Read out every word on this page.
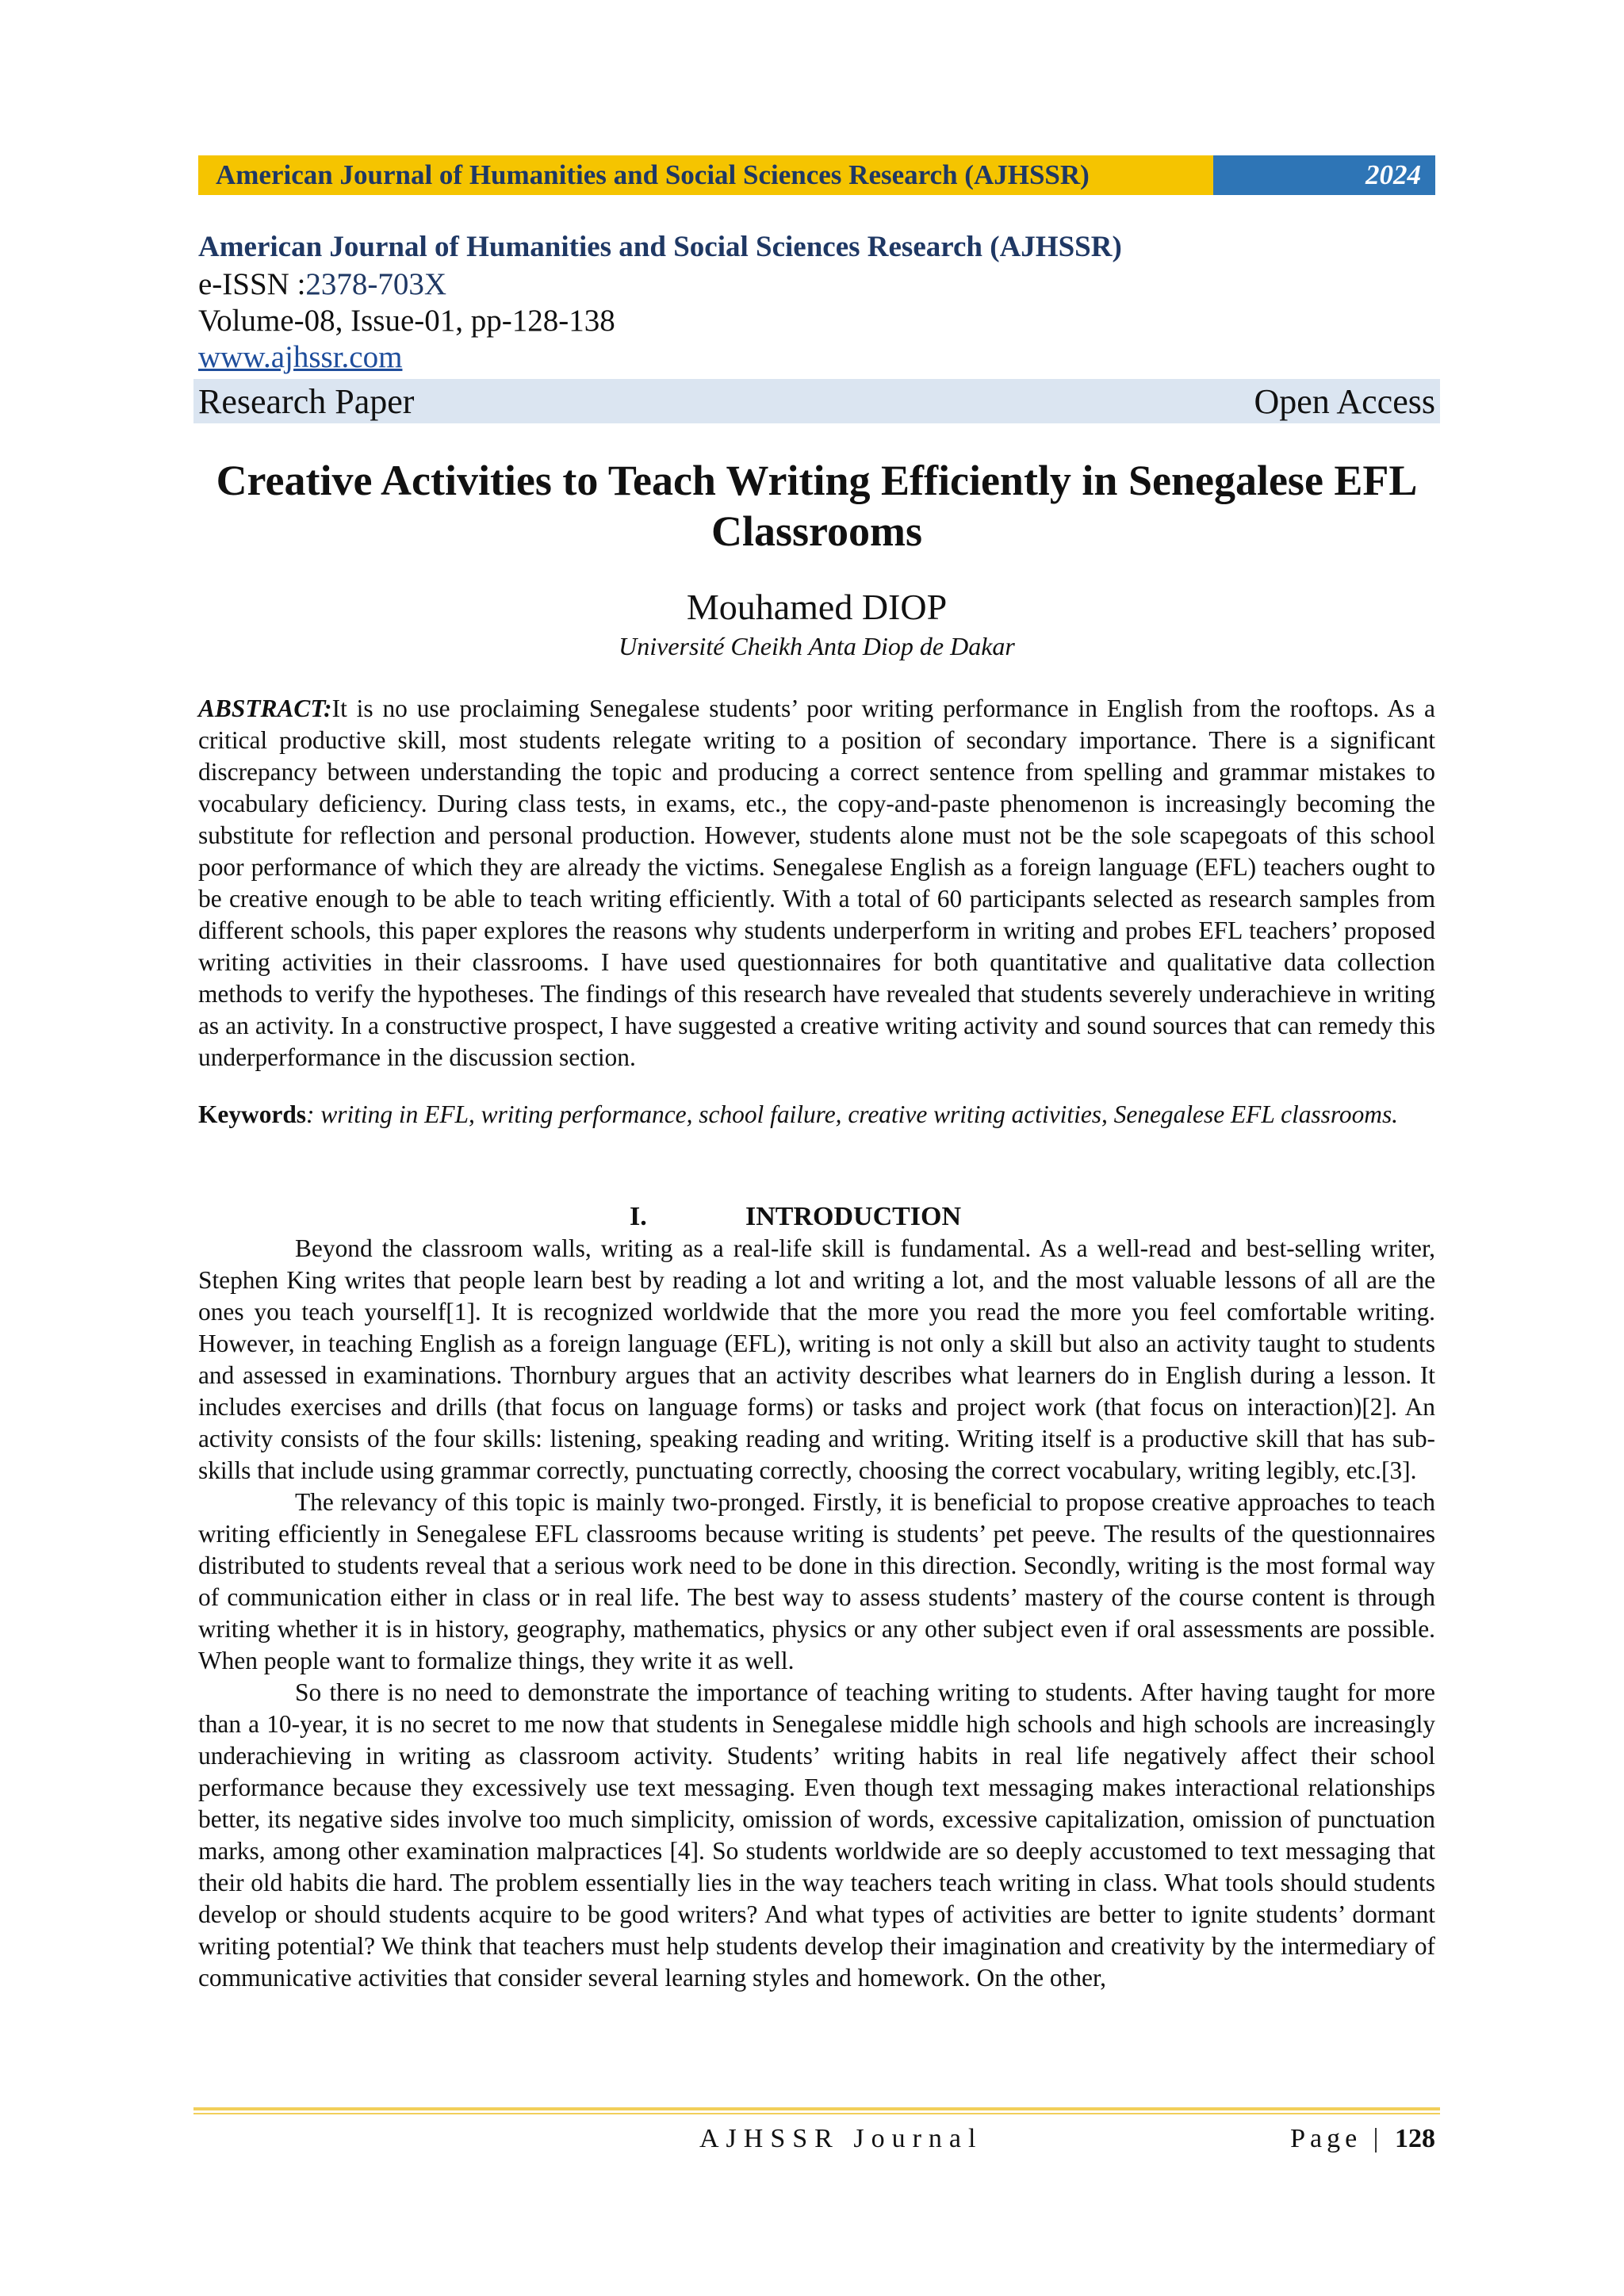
American Journal of Humanities and Social Sciences Research (AJHSSR)	2024
American Journal of Humanities and Social Sciences Research (AJHSSR)
e-ISSN :2378-703X
Volume-08, Issue-01, pp-128-138
www.ajhssr.com
Research Paper	Open Access
Creative Activities to Teach Writing Efficiently in Senegalese EFL Classrooms
Mouhamed DIOP
Université Cheikh Anta Diop de Dakar
ABSTRACT:It is no use proclaiming Senegalese students’ poor writing performance in English from the rooftops. As a critical productive skill, most students relegate writing to a position of secondary importance. There is a significant discrepancy between understanding the topic and producing a correct sentence from spelling and grammar mistakes to vocabulary deficiency. During class tests, in exams, etc., the copy-and-paste phenomenon is increasingly becoming the substitute for reflection and personal production. However, students alone must not be the sole scapegoats of this school poor performance of which they are already the victims. Senegalese English as a foreign language (EFL) teachers ought to be creative enough to be able to teach writing efficiently. With a total of 60 participants selected as research samples from different schools, this paper explores the reasons why students underperform in writing and probes EFL teachers’ proposed writing activities in their classrooms. I have used questionnaires for both quantitative and qualitative data collection methods to verify the hypotheses. The findings of this research have revealed that students severely underachieve in writing as an activity. In a constructive prospect, I have suggested a creative writing activity and sound sources that can remedy this underperformance in the discussion section.
Keywords: writing in EFL, writing performance, school failure, creative writing activities, Senegalese EFL classrooms.
I.	INTRODUCTION

Beyond the classroom walls, writing as a real-life skill is fundamental. As a well-read and best-selling writer, Stephen King writes that people learn best by reading a lot and writing a lot, and the most valuable lessons of all are the ones you teach yourself[1]. It is recognized worldwide that the more you read the more you feel comfortable writing. However, in teaching English as a foreign language (EFL), writing is not only a skill but also an activity taught to students and assessed in examinations. Thornbury argues that an activity describes what learners do in English during a lesson. It includes exercises and drills (that focus on language forms) or tasks and project work (that focus on interaction)[2]. An activity consists of the four skills: listening, speaking reading and writing. Writing itself is a productive skill that has sub-skills that include using grammar correctly, punctuating correctly, choosing the correct vocabulary, writing legibly, etc.[3].

The relevancy of this topic is mainly two-pronged. Firstly, it is beneficial to propose creative approaches to teach writing efficiently in Senegalese EFL classrooms because writing is students’ pet peeve. The results of the questionnaires distributed to students reveal that a serious work need to be done in this direction. Secondly, writing is the most formal way of communication either in class or in real life. The best way to assess students’ mastery of the course content is through writing whether it is in history, geography, mathematics, physics or any other subject even if oral assessments are possible. When people want to formalize things, they write it as well.

So there is no need to demonstrate the importance of teaching writing to students. After having taught for more than a 10-year, it is no secret to me now that students in Senegalese middle high schools and high schools are increasingly underachieving in writing as classroom activity. Students’ writing habits in real life negatively affect their school performance because they excessively use text messaging. Even though text messaging makes interactional relationships better, its negative sides involve too much simplicity, omission of words, excessive capitalization, omission of punctuation marks, among other examination malpractices [4]. So students worldwide are so deeply accustomed to text messaging that their old habits die hard. The problem essentially lies in the way teachers teach writing in class. What tools should students develop or should students acquire to be good writers? And what types of activities are better to ignite students’ dormant writing potential? We think that teachers must help students develop their imagination and creativity by the intermediary of communicative activities that consider several learning styles and homework. On the other,

AJHSSR Journal	Page | 128
